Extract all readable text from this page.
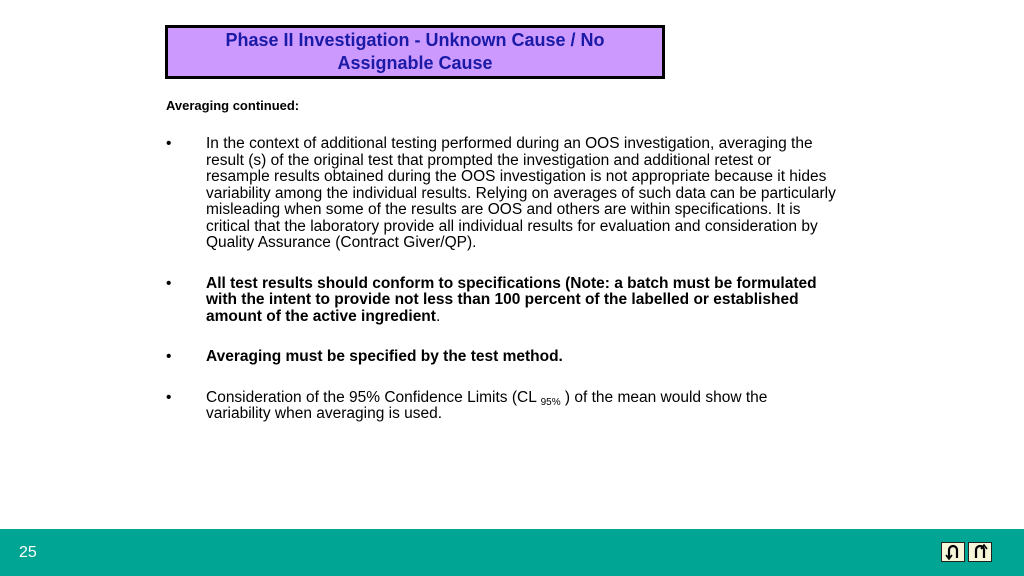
Phase II Investigation - Unknown Cause / No Assignable Cause
Averaging continued:
•	In the context of additional testing performed during an OOS investigation, averaging the result (s) of the original test that prompted the investigation and additional retest or resample results obtained during the OOS investigation is not appropriate because it hides variability among the individual results. Relying on averages of such data can be particularly misleading when some of the results are OOS and others are within specifications. It is critical that the laboratory provide all individual results for evaluation and consideration by Quality Assurance (Contract Giver/QP).
•	All test results should conform to specifications (Note: a batch must be formulated with the intent to provide not less than 100 percent of the labelled or established amount of the active ingredient.
•	Averaging must be specified by the test method.
•	Consideration of the 95% Confidence Limits (CL $_{95\%}$ ) of the mean would show the variability when averaging is used.
25
